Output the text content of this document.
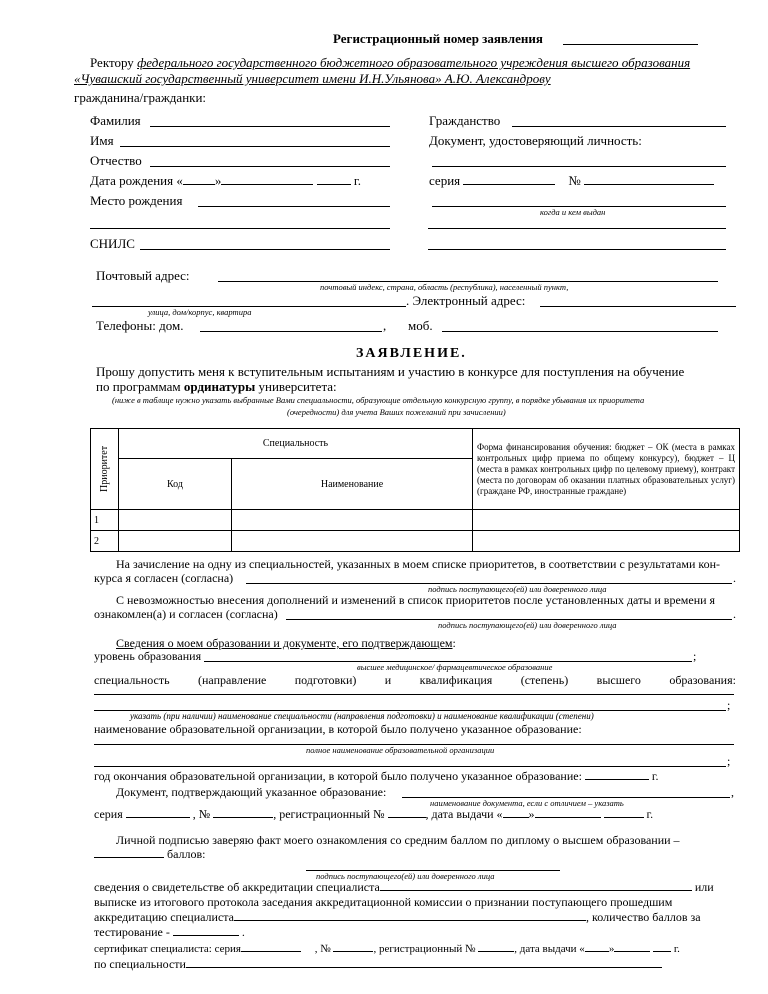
Регистрационный номер заявления
Ректору федерального государственного бюджетного образовательного учреждения высшего образования
«Чувашский государственный университет имени И.Н.Ульянова» А.Ю. Александрову
гражданина/гражданки:
Фамилия
Имя
Отчество
Дата рождения « »	г.
Место рождения
СНИЛС
Гражданство
Документ, удостоверяющий личность:
серия	№
когда и кем выдан
Почтовый адрес:
почтовый индекс, страна, область (республика), населенный пункт,
. Электронный адрес:
улица, дом/корпус, квартира
Телефоны: дом.	, моб.
ЗАЯВЛЕНИЕ.
Прошу допустить меня к вступительным испытаниям и участию в конкурсе для поступления на обучение
по программам ординатуры университета:
(ниже в таблице нужно указать выбранные Вами специальности, образующие отдельную конкурсную группу, в порядке убывания их приоритета
(очередности) для учета Ваших пожеланий при зачислении)
Приоритет	Специальность		Форма финансирования обучения: бюджет – ОК (места в рамках контрольных цифр приема по общему конкурсу), бюджет – Ц (места в рамках контрольных цифр по целевому приему), контракт (места по договорам об оказании платных образовательных услуг) (граждане РФ, иностранные граждане)
	Код	Наименование	
1			
2			
На зачисление на одну из специальностей, указанных в моем списке приоритетов, в соответствии с результатами кон-
курса я согласен (согласна)	.
подпись поступающего(ей) или доверенного лица
С невозможностью внесения дополнений и изменений в список приоритетов после установленных даты и времени я
ознакомлен(а) и согласен (согласна)	.
подпись поступающего(ей) или доверенного лица
Сведения о моем образовании и документе, его подтверждающем:
уровень образования	;
высшее медицинское/ фармацевтическое образование
специальность (направление подготовки) и квалификация (степень) высшего образования:
;
указать (при наличии) наименование специальности (направления подготовки) и наименование квалификации (степени)
наименование образовательной организации, в которой было получено указанное образование:
полное наименование образовательной организации
;
год окончания образовательной организации, в которой было получено указанное образование:	г.
Документ, подтверждающий указанное образование:	,
наименование документа, если с отличием – указать
серия	, №	, регистрационный №	, дата выдачи « »	г.
Личной подписью заверяю факт моего ознакомления со средним баллом по диплому о высшем образовании –
баллов:
подпись поступающего(ей) или доверенного лица
сведения о свидетельстве об аккредитации специалиста	или
выписке из итогового протокола заседания аккредитационной комиссии о признании поступающего прошедшим
аккредитацию специалиста	, количество баллов за
тестирование -	.
сертификат специалиста: серия	, №	, регистрационный №	, дата выдачи « »	г.
по специальности
